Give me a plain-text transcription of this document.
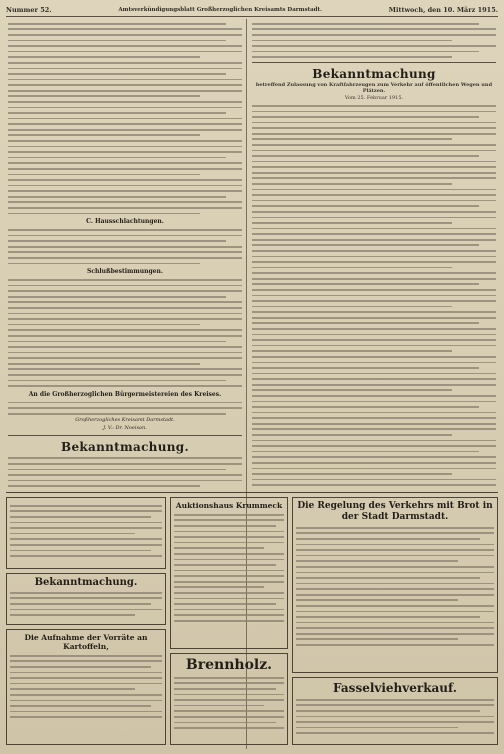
Nummer 52.	Amtsverkündigungsblatt Großherzoglichen Kreisamts Darmstadt.	Mittwoch, den 10. März 1915.
C. Hausschlachtungen.
Schlußbestimmungen.
An die Großherzoglichen Bürgermeistereien des Kreises.
Großherzogliches Kreisamt Darmstadt.
J. V.: Dr. Noeisan.
Bekanntmachung.
Bekanntmachung
betreffend Zulassung von Kraftfahrzeugen zum Verkehr auf öffentlichen Wegen und Plätzen.
Vom 25. Februar 1915.
Bekanntmachung.
Die Aufnahme der Vorräte an Kartoffeln,
Auktionshaus Krummeck
Brennholz.
Die Regelung des Verkehrs mit Brot in der Stadt Darmstadt.
Fasselviehverkauf.
